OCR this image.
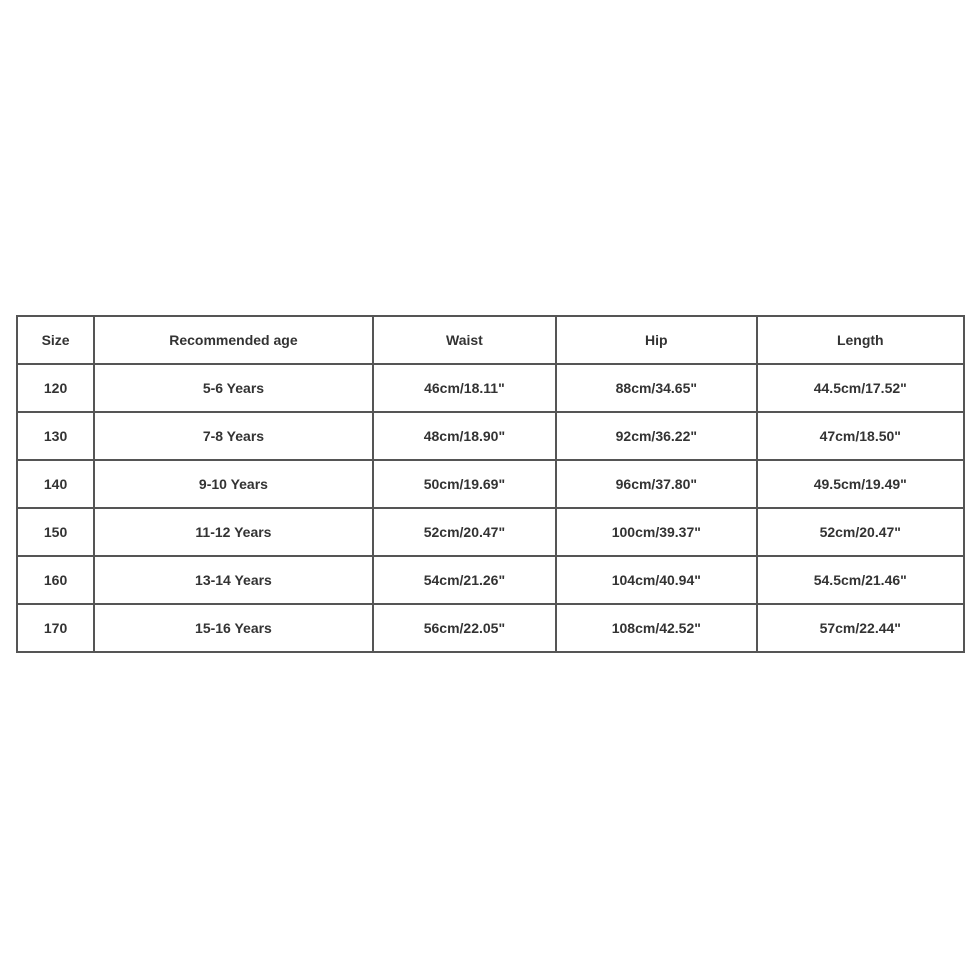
Size	Recommended age	Waist	Hip	Length
120	5-6 Years	46cm/18.11"	88cm/34.65"	44.5cm/17.52"
130	7-8 Years	48cm/18.90"	92cm/36.22"	47cm/18.50"
140	9-10 Years	50cm/19.69"	96cm/37.80"	49.5cm/19.49"
150	11-12 Years	52cm/20.47"	100cm/39.37"	52cm/20.47"
160	13-14 Years	54cm/21.26"	104cm/40.94"	54.5cm/21.46"
170	15-16 Years	56cm/22.05"	108cm/42.52"	57cm/22.44"
